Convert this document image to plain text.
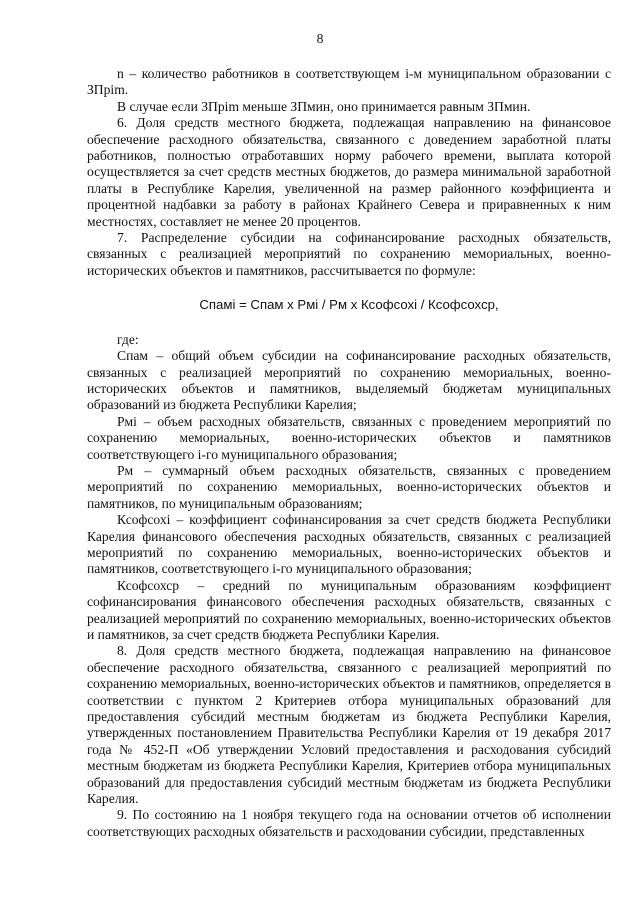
8

n – количество работников в соответствующем i-м муниципальном образовании с ЗПрim.

В случае если ЗПрim меньше ЗПмин, оно принимается равным ЗПмин.

6. Доля средств местного бюджета, подлежащая направлению на финансовое обеспечение расходного обязательства, связанного с доведением заработной платы работников, полностью отработавших норму рабочего времени, выплата которой осуществляется за счет средств местных бюджетов, до размера минимальной заработной платы в Республике Карелия, увеличенной на размер районного коэффициента и процентной надбавки за работу в районах Крайнего Севера и приравненных к ним местностях, составляет не менее 20 процентов.

7. Распределение субсидии на софинансирование расходных обязательств, связанных с реализацией мероприятий по сохранению мемориальных, военно-исторических объектов и памятников, рассчитывается по формуле:

Спамi = Спам x Рмi / Рм x Ксофсохi / Ксофсохср,

где:

Спам – общий объем субсидии на софинансирование расходных обязательств, связанных с реализацией мероприятий по сохранению мемориальных, военно-исторических объектов и памятников, выделяемый бюджетам муниципальных образований из бюджета Республики Карелия;

Рмi – объем расходных обязательств, связанных с проведением мероприятий по сохранению мемориальных, военно-исторических объектов и памятников соответствующего i-го муниципального образования;

Рм – суммарный объем расходных обязательств, связанных с проведением мероприятий по сохранению мемориальных, военно-исторических объектов и памятников, по муниципальным образованиям;

Ксофсохi – коэффициент софинансирования за счет средств бюджета Республики Карелия финансового обеспечения расходных обязательств, связанных с реализацией мероприятий по сохранению мемориальных, военно-исторических объектов и памятников, соответствующего i-го муниципального образования;

Ксофсохср – средний по муниципальным образованиям коэффициент софинансирования финансового обеспечения расходных обязательств, связанных с реализацией мероприятий по сохранению мемориальных, военно-исторических объектов и памятников, за счет средств бюджета Республики Карелия.

8. Доля средств местного бюджета, подлежащая направлению на финансовое обеспечение расходного обязательства, связанного с реализацией мероприятий по сохранению мемориальных, военно-исторических объектов и памятников, определяется в соответствии с пунктом 2 Критериев отбора муниципальных образований для предоставления субсидий местным бюджетам из бюджета Республики Карелия, утвержденных постановлением Правительства Республики Карелия от 19 декабря 2017 года № 452-П «Об утверждении Условий предоставления и расходования субсидий местным бюджетам из бюджета Республики Карелия, Критериев отбора муниципальных образований для предоставления субсидий местным бюджетам из бюджета Республики Карелия.

9. По состоянию на 1 ноября текущего года на основании отчетов об исполнении соответствующих расходных обязательств и расходовании субсидии, представленных
